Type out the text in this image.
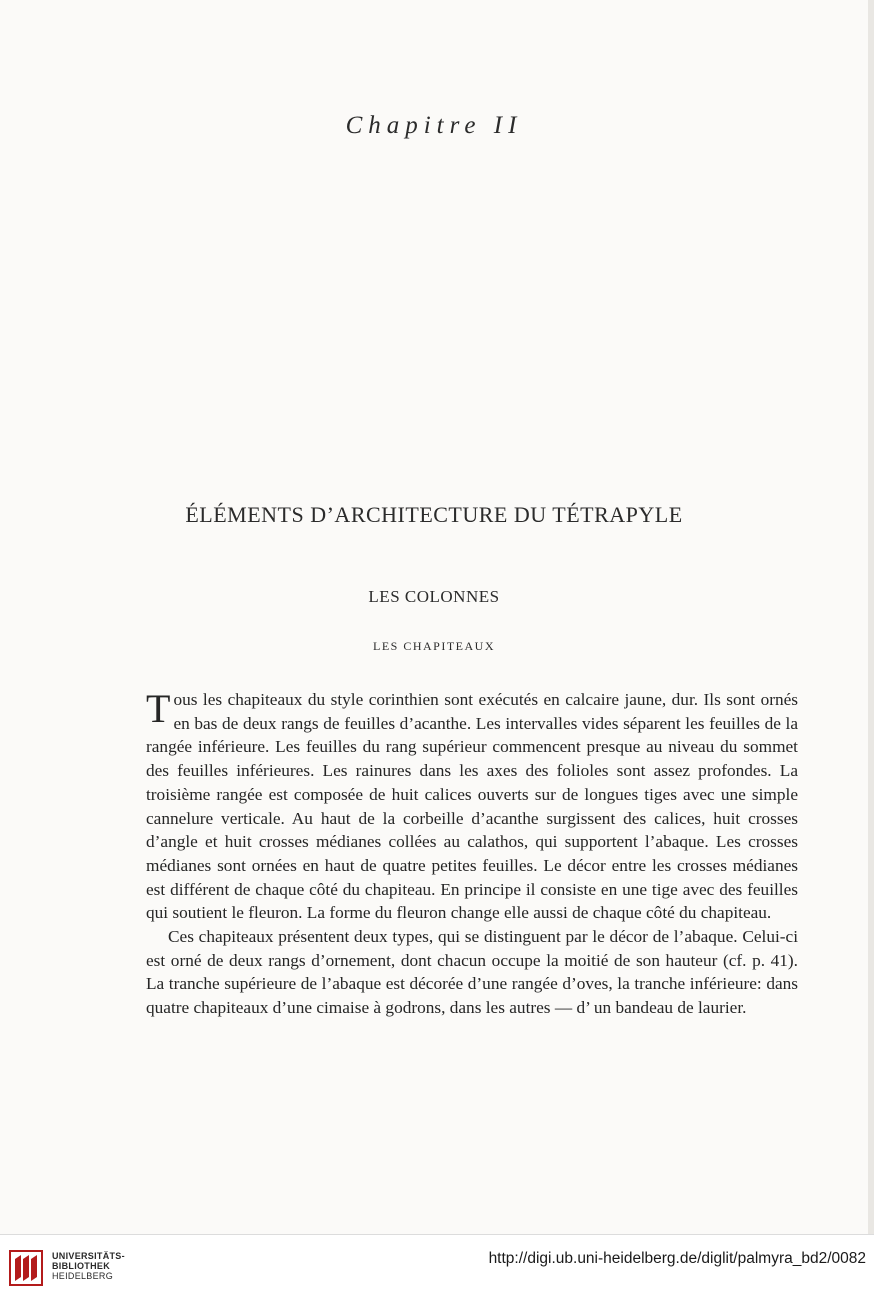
Chapitre II
ÉLÉMENTS D’ARCHITECTURE DU TÉTRAPYLE
LES COLONNES
LES CHAPITEAUX

Tous les chapiteaux du style corinthien sont exécutés en calcaire jaune, dur. Ils sont ornés en bas de deux rangs de feuilles d’acanthe. Les intervalles vides séparent les feuilles de la rangée inférieure. Les feuilles du rang supérieur commencent presque au niveau du sommet des feuilles inférieures. Les rainures dans les axes des folioles sont assez profondes. La troisième rangée est composée de huit calices ouverts sur de longues tiges avec une simple cannelure verticale. Au haut de la corbeille d’acanthe surgissent des calices, huit crosses d’angle et huit crosses médianes collées au calathos, qui supportent l’abaque. Les crosses médianes sont ornées en haut de quatre petites feuilles. Le décor entre les crosses médianes est différent de chaque côté du chapiteau. En principe il consiste en une tige avec des feuilles qui soutient le fleuron. La forme du fleuron change elle aussi de chaque côté du chapiteau.

Ces chapiteaux présentent deux types, qui se distinguent par le décor de l’abaque. Celui-ci est orné de deux rangs d’ornement, dont chacun occupe la moitié de son hauteur (cf. p. 41). La tranche supérieure de l’abaque est décorée d’une rangée d’oves, la tranche inférieure: dans quatre chapiteaux d’une cimaise à godrons, dans les autres — d’ un bandeau de laurier.

UNIVERSITÄTS-
BIBLIOTHEK
HEIDELBERG
http://digi.ub.uni-heidelberg.de/diglit/palmyra_bd2/0082
